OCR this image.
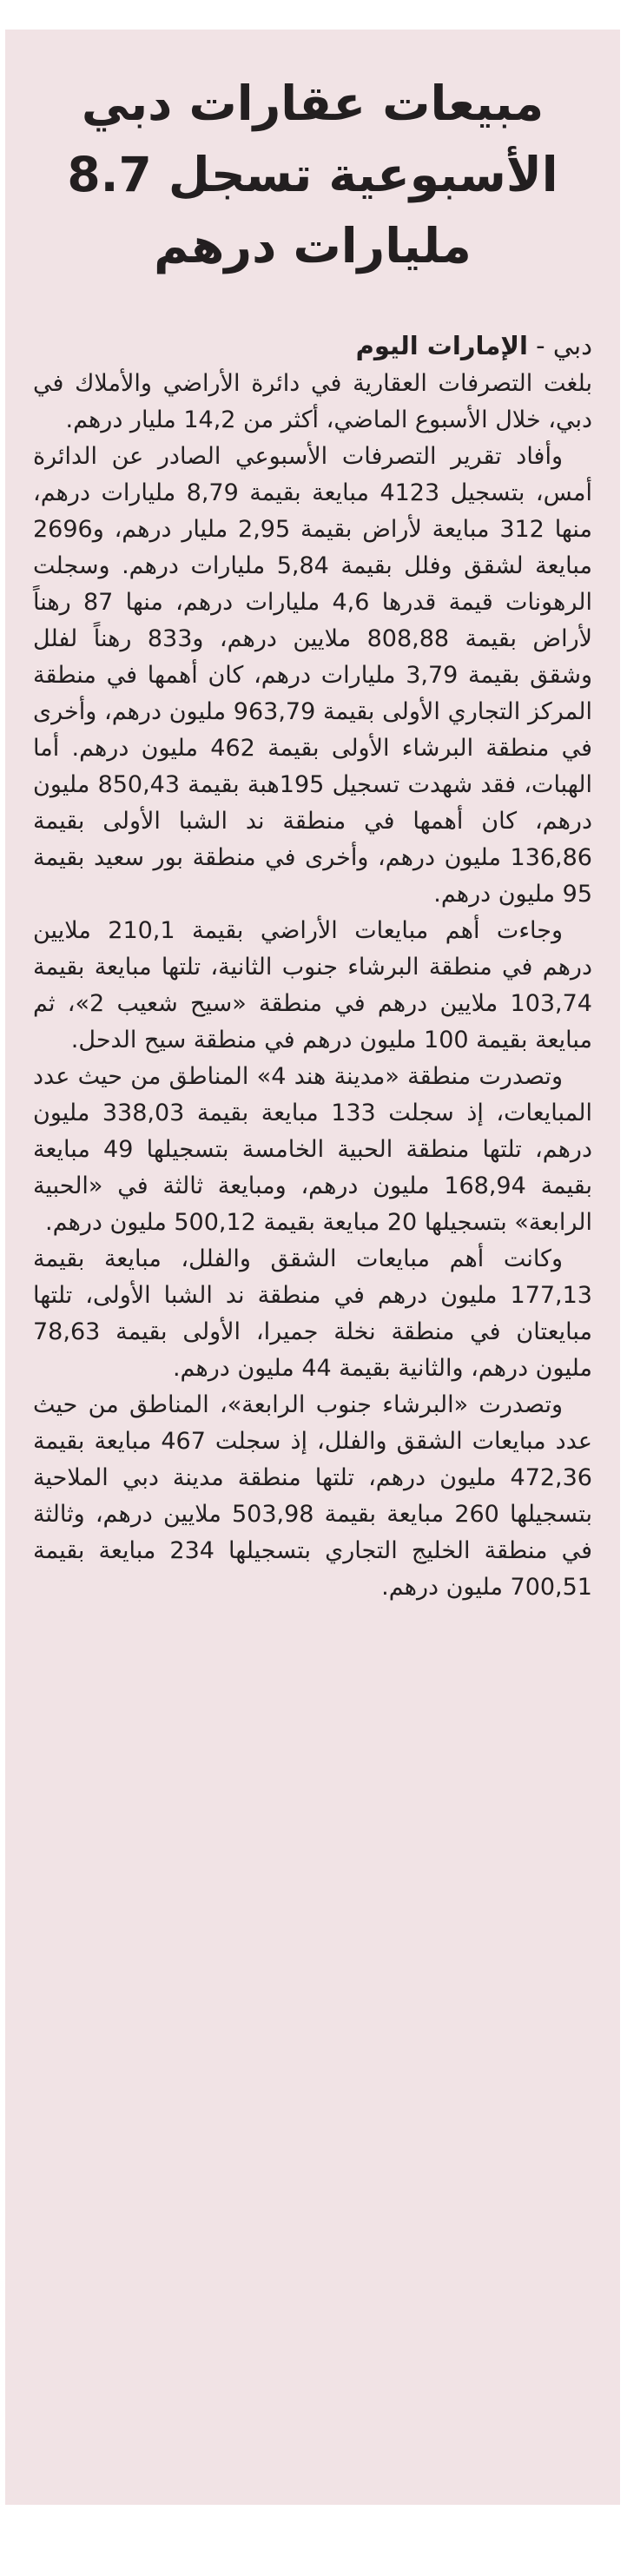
مبيعات عقارات دبي الأسبوعية تسجل 8.7 مليارات درهم
دبي - الإمارات اليوم

بلغت التصرفات العقارية في دائرة الأراضي والأملاك في دبي، خلال الأسبوع الماضي، أكثر من 14,2 مليار درهم.

وأفاد تقرير التصرفات الأسبوعي الصادر عن الدائرة أمس، بتسجيل 4123 مبايعة بقيمة 8,79 مليارات درهم، منها 312 مبايعة لأراض بقيمة 2,95 مليار درهم، و2696 مبايعة لشقق وفلل بقيمة 5,84 مليارات درهم. وسجلت الرهونات قيمة قدرها 4,6 مليارات درهم، منها 87 رهناً لأراض بقيمة 808,88 ملايين درهم، و833 رهناً لفلل وشقق بقيمة 3,79 مليارات درهم، كان أهمها في منطقة المركز التجاري الأولى بقيمة 963,79 مليون درهم، وأخرى في منطقة البرشاء الأولى بقيمة 462 مليون درهم. أما الهبات، فقد شهدت تسجيل 195هبة بقيمة 850,43 مليون درهم، كان أهمها في منطقة ند الشبا الأولى بقيمة 136,86 مليون درهم، وأخرى في منطقة بور سعيد بقيمة 95 مليون درهم.

وجاءت أهم مبايعات الأراضي بقيمة 210,1 ملايين درهم في منطقة البرشاء جنوب الثانية، تلتها مبايعة بقيمة 103,74 ملايين درهم في منطقة «سيح شعيب 2»، ثم مبايعة بقيمة 100 مليون درهم في منطقة سيح الدحل.

وتصدرت منطقة «مدينة هند 4» المناطق من حيث عدد المبايعات، إذ سجلت 133 مبايعة بقيمة 338,03 مليون درهم، تلتها منطقة الحبية الخامسة بتسجيلها 49 مبايعة بقيمة 168,94 مليون درهم، ومبايعة ثالثة في «الحبية الرابعة» بتسجيلها 20 مبايعة بقيمة 500,12 مليون درهم.

وكانت أهم مبايعات الشقق والفلل، مبايعة بقيمة 177,13 مليون درهم في منطقة ند الشبا الأولى، تلتها مبايعتان في منطقة نخلة جميرا، الأولى بقيمة 78,63 مليون درهم، والثانية بقيمة 44 مليون درهم.

وتصدرت «البرشاء جنوب الرابعة»، المناطق من حيث عدد مبايعات الشقق والفلل، إذ سجلت 467 مبايعة بقيمة 472,36 مليون درهم، تلتها منطقة مدينة دبي الملاحية بتسجيلها 260 مبايعة بقيمة 503,98 ملايين درهم، وثالثة في منطقة الخليج التجاري بتسجيلها 234 مبايعة بقيمة 700,51 مليون درهم.
